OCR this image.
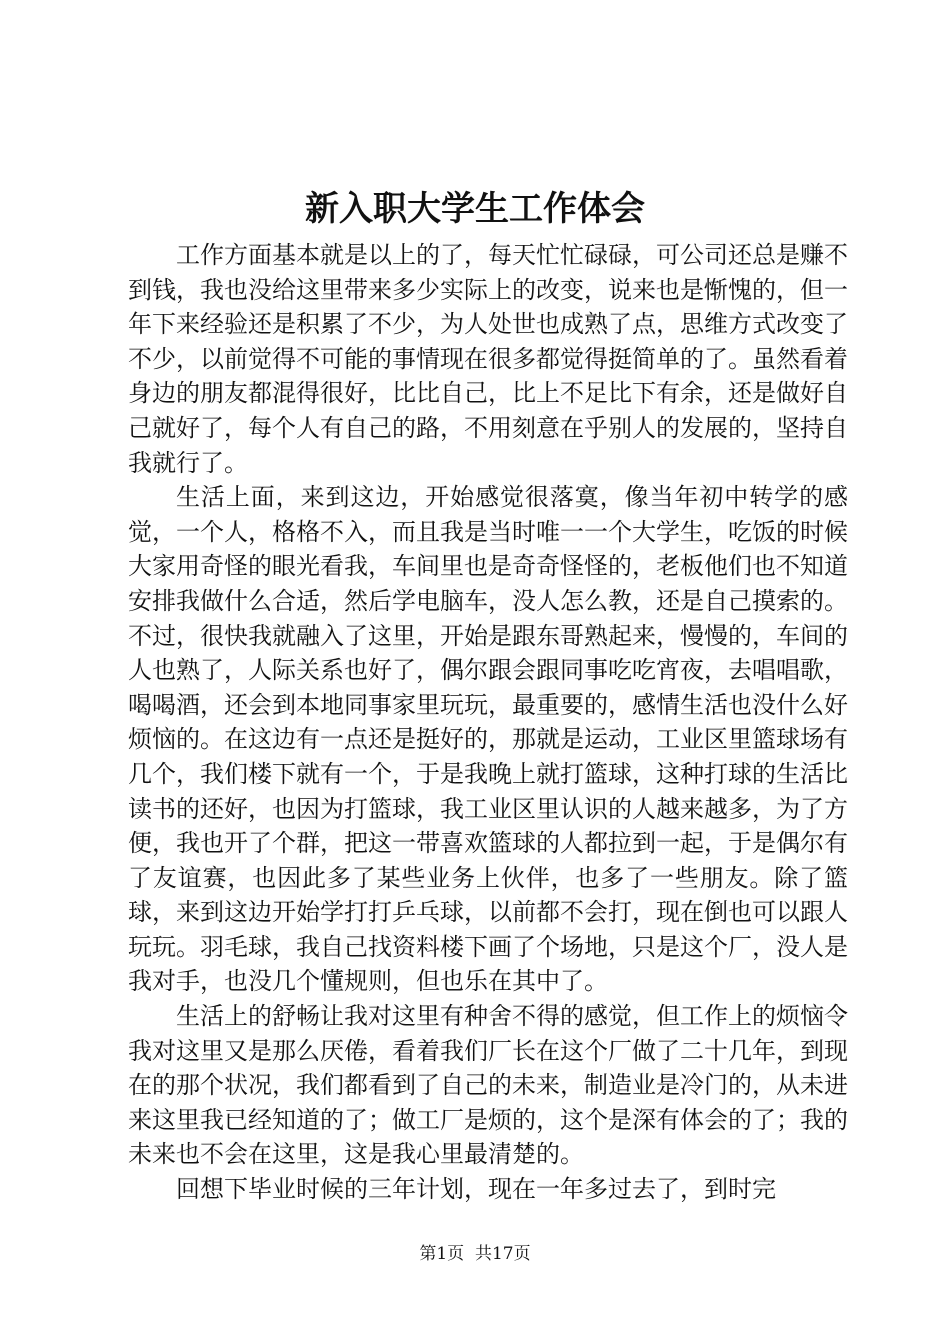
新入职大学生工作体会

工作方面基本就是以上的了，每天忙忙碌碌，可公司还总是赚不到钱，我也没给这里带来多少实际上的改变，说来也是惭愧的，但一年下来经验还是积累了不少，为人处世也成熟了点，思维方式改变了不少，以前觉得不可能的事情现在很多都觉得挺简单的了。虽然看着身边的朋友都混得很好，比比自己，比上不足比下有余，还是做好自己就好了，每个人有自己的路，不用刻意在乎别人的发展的，坚持自我就行了。

生活上面，来到这边，开始感觉很落寞，像当年初中转学的感觉，一个人，格格不入，而且我是当时唯一一个大学生，吃饭的时候大家用奇怪的眼光看我，车间里也是奇奇怪怪的，老板他们也不知道安排我做什么合适，然后学电脑车，没人怎么教，还是自己摸索的。不过，很快我就融入了这里，开始是跟东哥熟起来，慢慢的，车间的人也熟了，人际关系也好了，偶尔跟会跟同事吃吃宵夜，去唱唱歌，喝喝酒，还会到本地同事家里玩玩，最重要的，感情生活也没什么好烦恼的。在这边有一点还是挺好的，那就是运动，工业区里篮球场有几个，我们楼下就有一个，于是我晚上就打篮球，这种打球的生活比读书的还好，也因为打篮球，我工业区里认识的人越来越多，为了方便，我也开了个群，把这一带喜欢篮球的人都拉到一起，于是偶尔有了友谊赛，也因此多了某些业务上伙伴，也多了一些朋友。除了篮球，来到这边开始学打打乒乓球，以前都不会打，现在倒也可以跟人玩玩。羽毛球，我自己找资料楼下画了个场地，只是这个厂，没人是我对手，也没几个懂规则，但也乐在其中了。

生活上的舒畅让我对这里有种舍不得的感觉，但工作上的烦恼令我对这里又是那么厌倦，看着我们厂长在这个厂做了二十几年，到现在的那个状况，我们都看到了自己的未来，制造业是冷门的，从未进来这里我已经知道的了；做工厂是烦的，这个是深有体会的了；我的未来也不会在这里，这是我心里最清楚的。

回想下毕业时候的三年计划，现在一年多过去了，到时完

第1页  共17页
